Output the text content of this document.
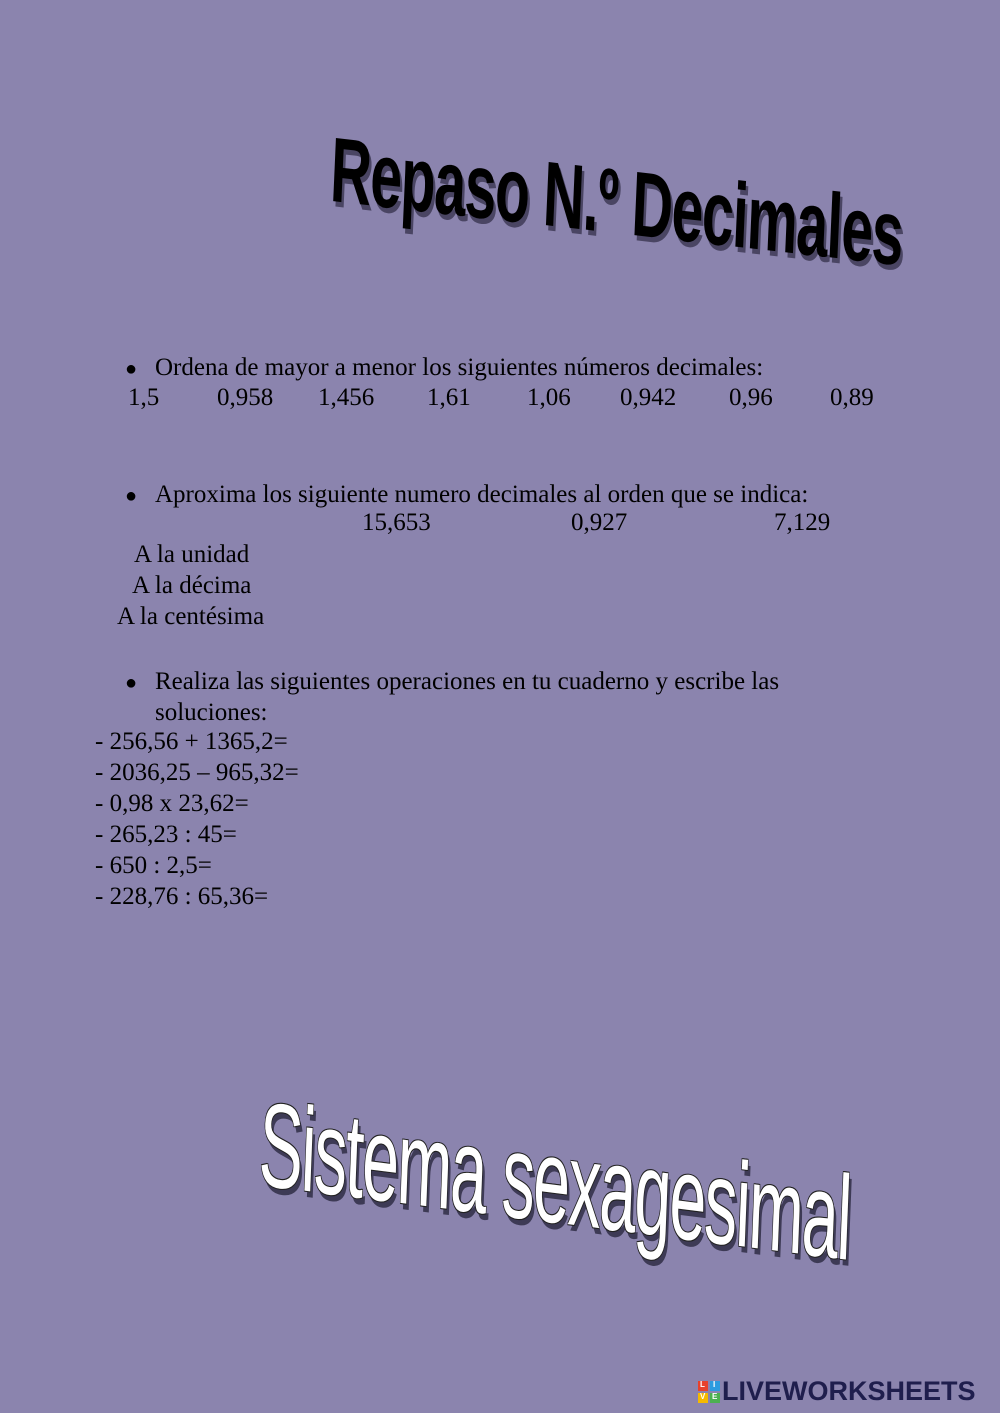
Repaso N.º Decimales
● Ordena de mayor a menor los siguientes números decimales:
1,5 0,958 1,456 1,61 1,06 0,942 0,96 0,89
● Aproxima los siguiente numero decimales al orden que se indica:
15,653	0,927	7,129
A la unidad
A la décima
A la centésima
● Realiza las siguientes operaciones en tu cuaderno y escribe las
soluciones:
- 256,56 + 1365,2=
- 2036,25 – 965,32=
- 0,98 x 23,62=
- 265,23 : 45=
- 650 : 2,5=
- 228,76 : 65,36=
Sistema sexagesimal
L I
V E LIVEWORKSHEETS
